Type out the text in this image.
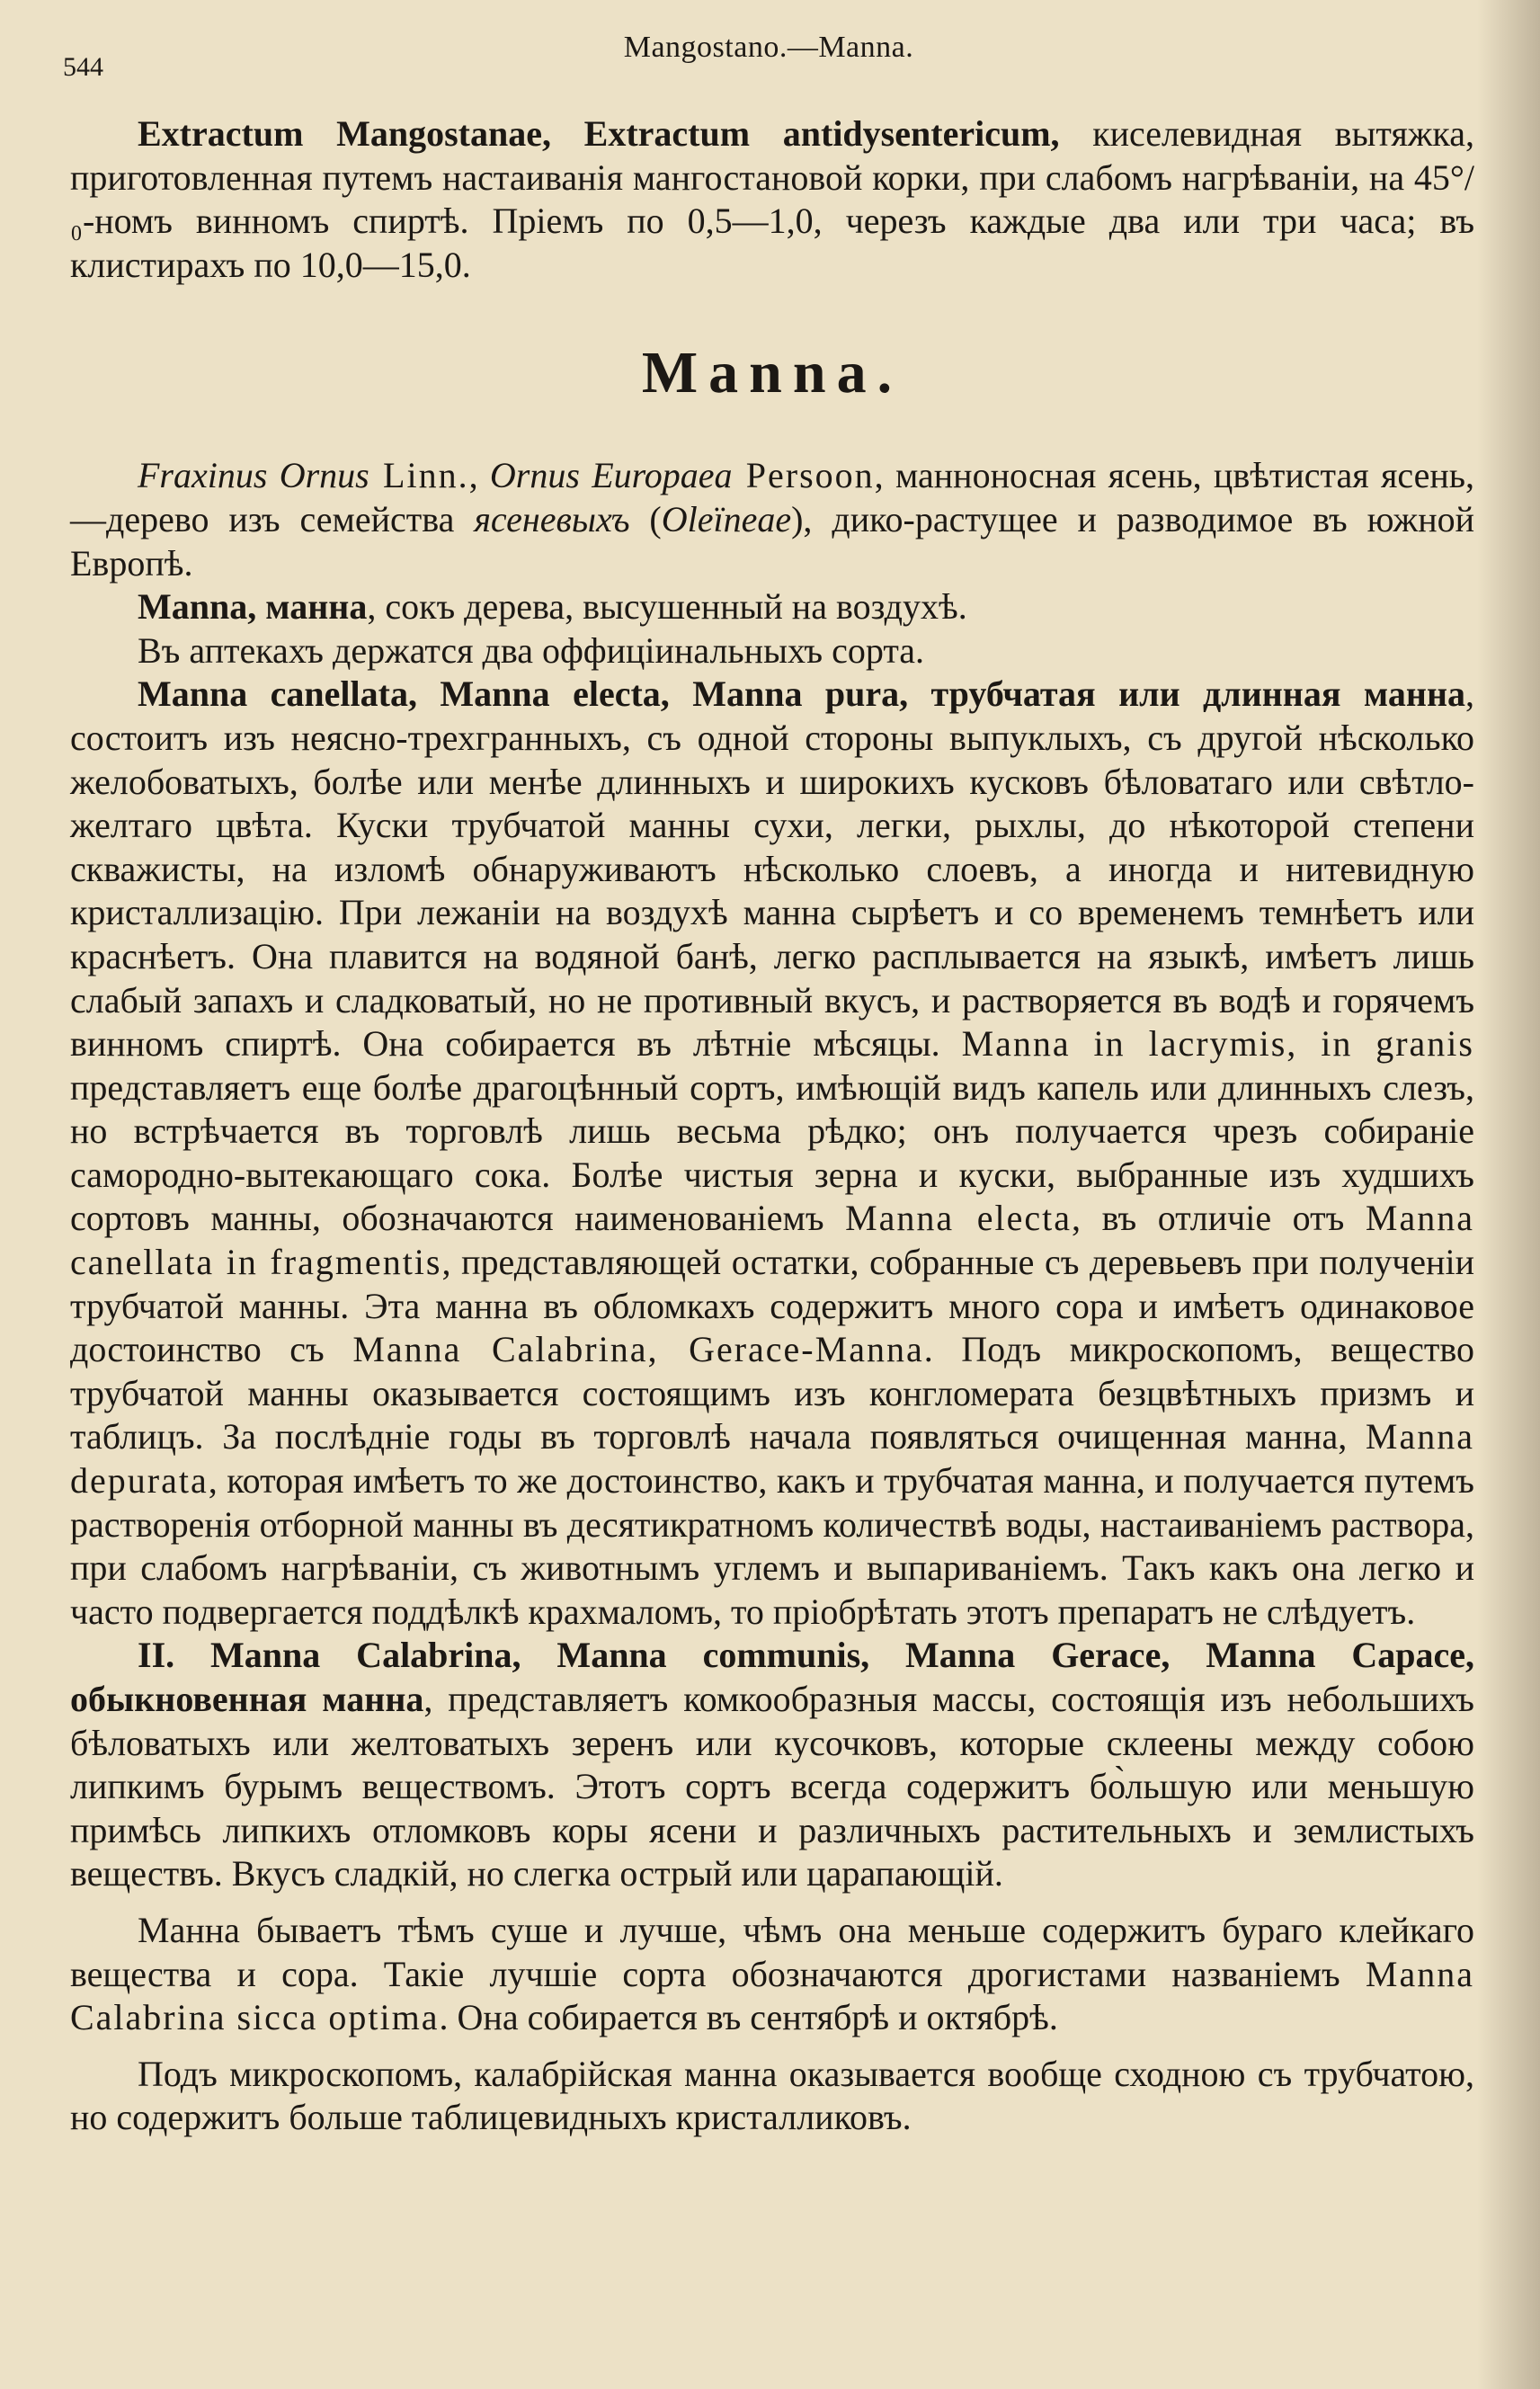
544
Mangostano.—Manna.

Extractum Mangostanae, Extractum antidysentericum, киселевидная вытяжка, приготовленная путемъ настаиванія мангостановой корки, при слабомъ нагрѣваніи, на 45°/₀-номъ винномъ спиртѣ. Пріемъ по 0,5—1,0, черезъ каждые два или три часа; въ клистирахъ по 10,0—15,0.

Manna.

Fraxinus Ornus Linn., Ornus Europaea Persoon, манноносная ясень, цвѣтистая ясень,—дерево изъ семейства ясеневыхъ (Oleïneae), дико-растущее и разводимое въ южной Европѣ.

Manna, манна, сокъ дерева, высушенный на воздухѣ.

Въ аптекахъ держатся два оффиціинальныхъ сорта.

Manna canellata, Manna electa, Manna pura, трубчатая или длинная манна, состоитъ изъ неясно-трехгранныхъ, съ одной стороны выпуклыхъ, съ другой нѣсколько желобоватыхъ, болѣе или менѣе длинныхъ и широкихъ кусковъ бѣловатаго или свѣтло-желтаго цвѣта. Куски трубчатой манны сухи, легки, рыхлы, до нѣкоторой степени скважисты, на изломѣ обнаруживаютъ нѣсколько слоевъ, а иногда и нитевидную кристаллизацію. При лежаніи на воздухѣ манна сырѣетъ и со временемъ темнѣетъ или краснѣетъ. Она плавится на водяной банѣ, легко расплывается на языкѣ, имѣетъ лишь слабый запахъ и сладковатый, но не противный вкусъ, и растворяется въ водѣ и горячемъ винномъ спиртѣ. Она собирается въ лѣтніе мѣсяцы. Manna in lacrymis, in granis представляетъ еще болѣе драгоцѣнный сортъ, имѣющій видъ капель или длинныхъ слезъ, но встрѣчается въ торговлѣ лишь весьма рѣдко; онъ получается чрезъ собираніе самородно-вытекающаго сока. Болѣе чистыя зерна и куски, выбранные изъ худшихъ сортовъ манны, обозначаются наименованіемъ Manna electa, въ отличіе отъ Manna canellata in fragmentis, представляющей остатки, собранные съ деревьевъ при полученіи трубчатой манны. Эта манна въ обломкахъ содержитъ много сора и имѣетъ одинаковое достоинство съ Manna Calabrina, Gerace-Manna. Подъ микроскопомъ, вещество трубчатой манны оказывается состоящимъ изъ конгломерата безцвѣтныхъ призмъ и таблицъ. За послѣдніе годы въ торговлѣ начала появляться очищенная манна, Manna depurata, которая имѣетъ то же достоинство, какъ и трубчатая манна, и получается путемъ растворенія отборной манны въ десятикратномъ количествѣ воды, настаиваніемъ раствора, при слабомъ нагрѣваніи, съ животнымъ углемъ и выпариваніемъ. Такъ какъ она легко и часто подвергается поддѣлкѣ крахмаломъ, то пріобрѣтать этотъ препаратъ не слѣдуетъ.

II. Manna Calabrina, Manna communis, Manna Gerace, Manna Capace, обыкновенная манна, представляетъ комкообразныя массы, состоящія изъ небольшихъ бѣловатыхъ или желтоватыхъ зеренъ или кусочковъ, которые склеены между собою липкимъ бурымъ веществомъ. Этотъ сортъ всегда содержитъ бо̀льшую или меньшую примѣсь липкихъ отломковъ коры ясени и различныхъ растительныхъ и землистыхъ веществъ. Вкусъ сладкій, но слегка острый или царапающій.

Манна бываетъ тѣмъ суше и лучше, чѣмъ она меньше содержитъ бураго клейкаго вещества и сора. Такіе лучшіе сорта обозначаются дрогистами названіемъ Manna Calabrina sicca optima. Она собирается въ сентябрѣ и октябрѣ.

Подъ микроскопомъ, калабрійская манна оказывается вообще сходною съ трубчатою, но содержитъ больше таблицевидныхъ кристалликовъ.
